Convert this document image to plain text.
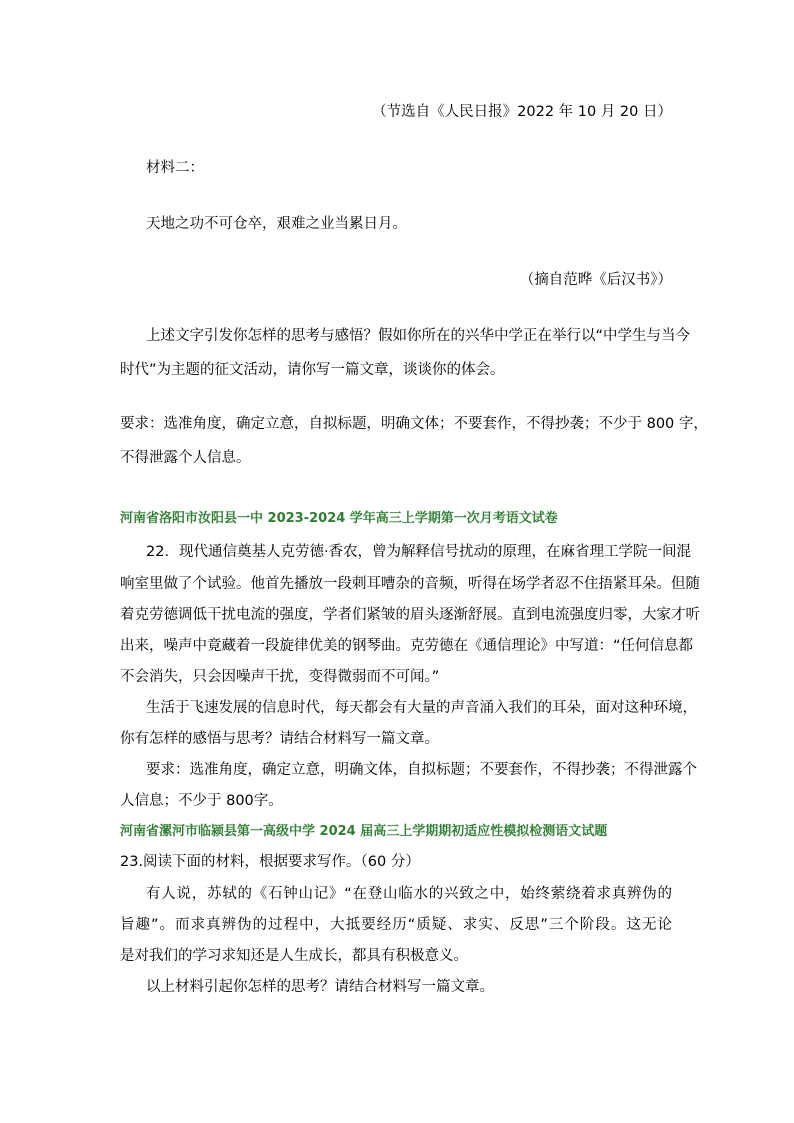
（节选自《人民日报》2022 年 10 月 20 日）
材料二：
天地之功不可仓卒，艰难之业当累日月。
（摘自范晔《后汉书》）
上述文字引发你怎样的思考与感悟？假如你所在的兴华中学正在举行以“中学生与当今
时代”为主题的征文活动，请你写一篇文章，谈谈你的体会。
要求：选准角度，确定立意，自拟标题，明确文体；不要套作，不得抄袭；不少于 800 字，
不得泄露个人信息。
河南省洛阳市汝阳县一中 2023-2024 学年高三上学期第一次月考语文试卷
22．现代通信奠基人克劳德·香农，曾为解释信号扰动的原理，在麻省理工学院一间混
响室里做了个试验。他首先播放一段刺耳嘈杂的音频，听得在场学者忍不住捂紧耳朵。但随
着克劳德调低干扰电流的强度，学者们紧皱的眉头逐渐舒展。直到电流强度归零，大家才听
出来，噪声中竟藏着一段旋律优美的钢琴曲。克劳德在《通信理论》中写道：“任何信息都
不会消失，只会因噪声干扰，变得微弱而不可闻。”
生活于飞速发展的信息时代，每天都会有大量的声音涌入我们的耳朵，面对这种环境，
你有怎样的感悟与思考？请结合材料写一篇文章。
要求：选准角度，确定立意，明确文体，自拟标题；不要套作，不得抄袭；不得泄露个
人信息；不少于 800字。
河南省漯河市临颍县第一高级中学 2024 届高三上学期期初适应性模拟检测语文试题
23.阅读下面的材料，根据要求写作。（60 分）
有人说，苏轼的《石钟山记》“在登山临水的兴致之中，始终萦绕着求真辨伪的
旨趣”。而求真辨伪的过程中，大抵要经历“质疑、求实、反思”三个阶段。这无论
是对我们的学习求知还是人生成长，都具有积极意义。
以上材料引起你怎样的思考？请结合材料写一篇文章。
